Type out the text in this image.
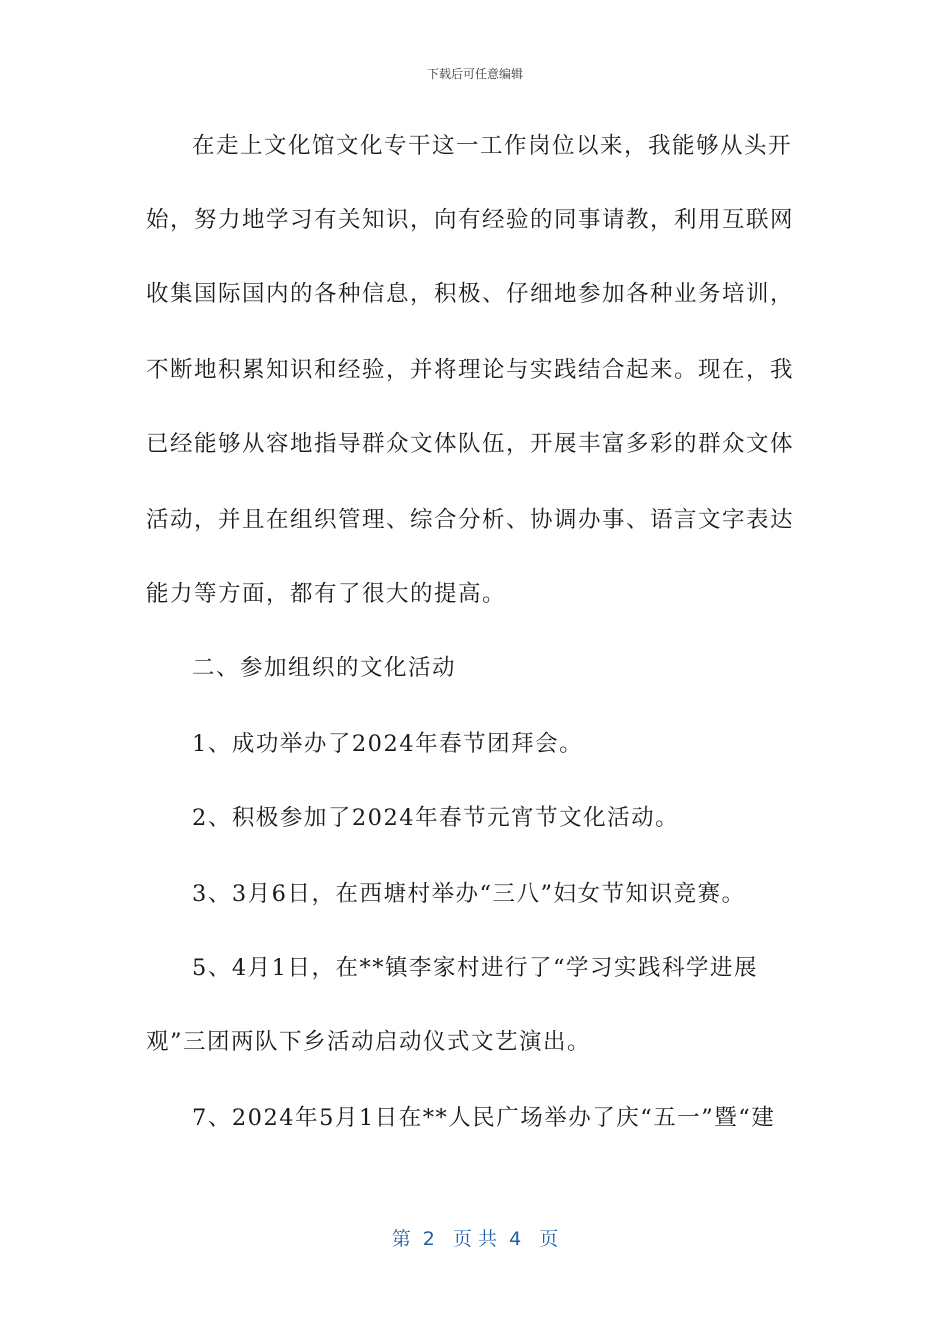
下载后可任意编辑
在走上文化馆文化专干这一工作岗位以来，我能够从头开
始，努力地学习有关知识，向有经验的同事请教，利用互联网
收集国际国内的各种信息，积极、仔细地参加各种业务培训，
不断地积累知识和经验，并将理论与实践结合起来。现在，我
已经能够从容地指导群众文体队伍，开展丰富多彩的群众文体
活动，并且在组织管理、综合分析、协调办事、语言文字表达
能力等方面，都有了很大的提高。
二、参加组织的文化活动
1、成功举办了2024年春节团拜会。
2、积极参加了2024年春节元宵节文化活动。
3、3月6日，在西塘村举办“三八”妇女节知识竞赛。
5、4月1日，在**镇李家村进行了“学习实践科学进展
观”三团两队下乡活动启动仪式文艺演出。
7、2024年5月1日在**人民广场举办了庆“五一”暨“建
第  2   页 共  4   页
